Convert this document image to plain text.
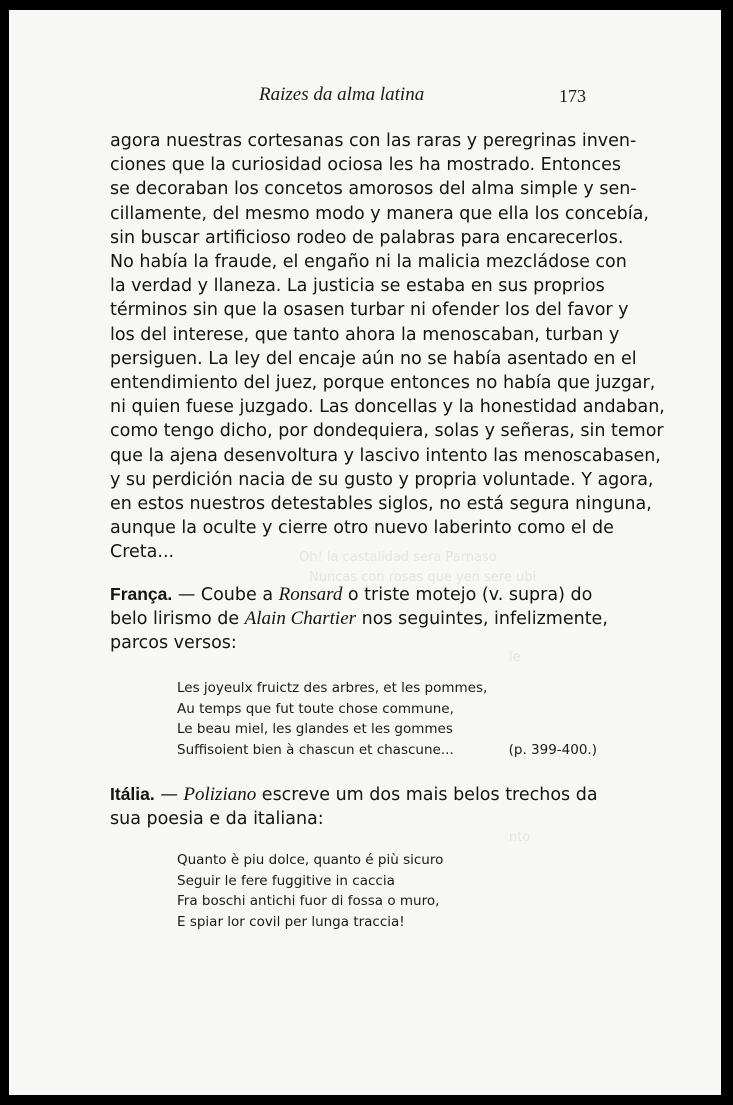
Oh! la castalidad sera Parnaso
Nuncas con rosas que yen sere ubi
le
nto
Raizes da alma latina	173
agora nuestras cortesanas con las raras y peregrinas inven-
ciones que la curiosidad ociosa les ha mostrado. Entonces
se decoraban los concetos amorosos del alma simple y sen-
cillamente, del mesmo modo y manera que ella los concebía,
sin buscar artificioso rodeo de palabras para encarecerlos.
No había la fraude, el engaño ni la malicia mezcládose con
la verdad y llaneza. La justicia se estaba en sus proprios
términos sin que la osasen turbar ni ofender los del favor y
los del interese, que tanto ahora la menoscaban, turban y
persiguen. La ley del encaje aún no se había asentado en el
entendimiento del juez, porque entonces no había que juzgar,
ni quien fuese juzgado. Las doncellas y la honestidad andaban,
como tengo dicho, por dondequiera, solas y señeras, sin temor
que la ajena desenvoltura y lascivo intento las menoscabasen,
y su perdición nacia de su gusto y propria voluntade. Y agora,
en estos nuestros detestables siglos, no está segura ninguna,
aunque la oculte y cierre otro nuevo laberinto como el de
Creta...
França. — Coube a Ronsard o triste motejo (v. supra) do
belo lirismo de Alain Chartier nos seguintes, infelizmente,
parcos versos:
Les joyeulx fruictz des arbres, et les pommes,
Au temps que fut toute chose commune,
Le beau miel, les glandes et les gommes
Suffisoient bien à chascun et chascune...	(p. 399-400.)
Itália. — Poliziano escreve um dos mais belos trechos da
sua poesia e da italiana:
Quanto è piu dolce, quanto é più sicuro
Seguir le fere fuggitive in caccia
Fra boschi antichi fuor di fossa o muro,
E spiar lor covil per lunga traccia!
